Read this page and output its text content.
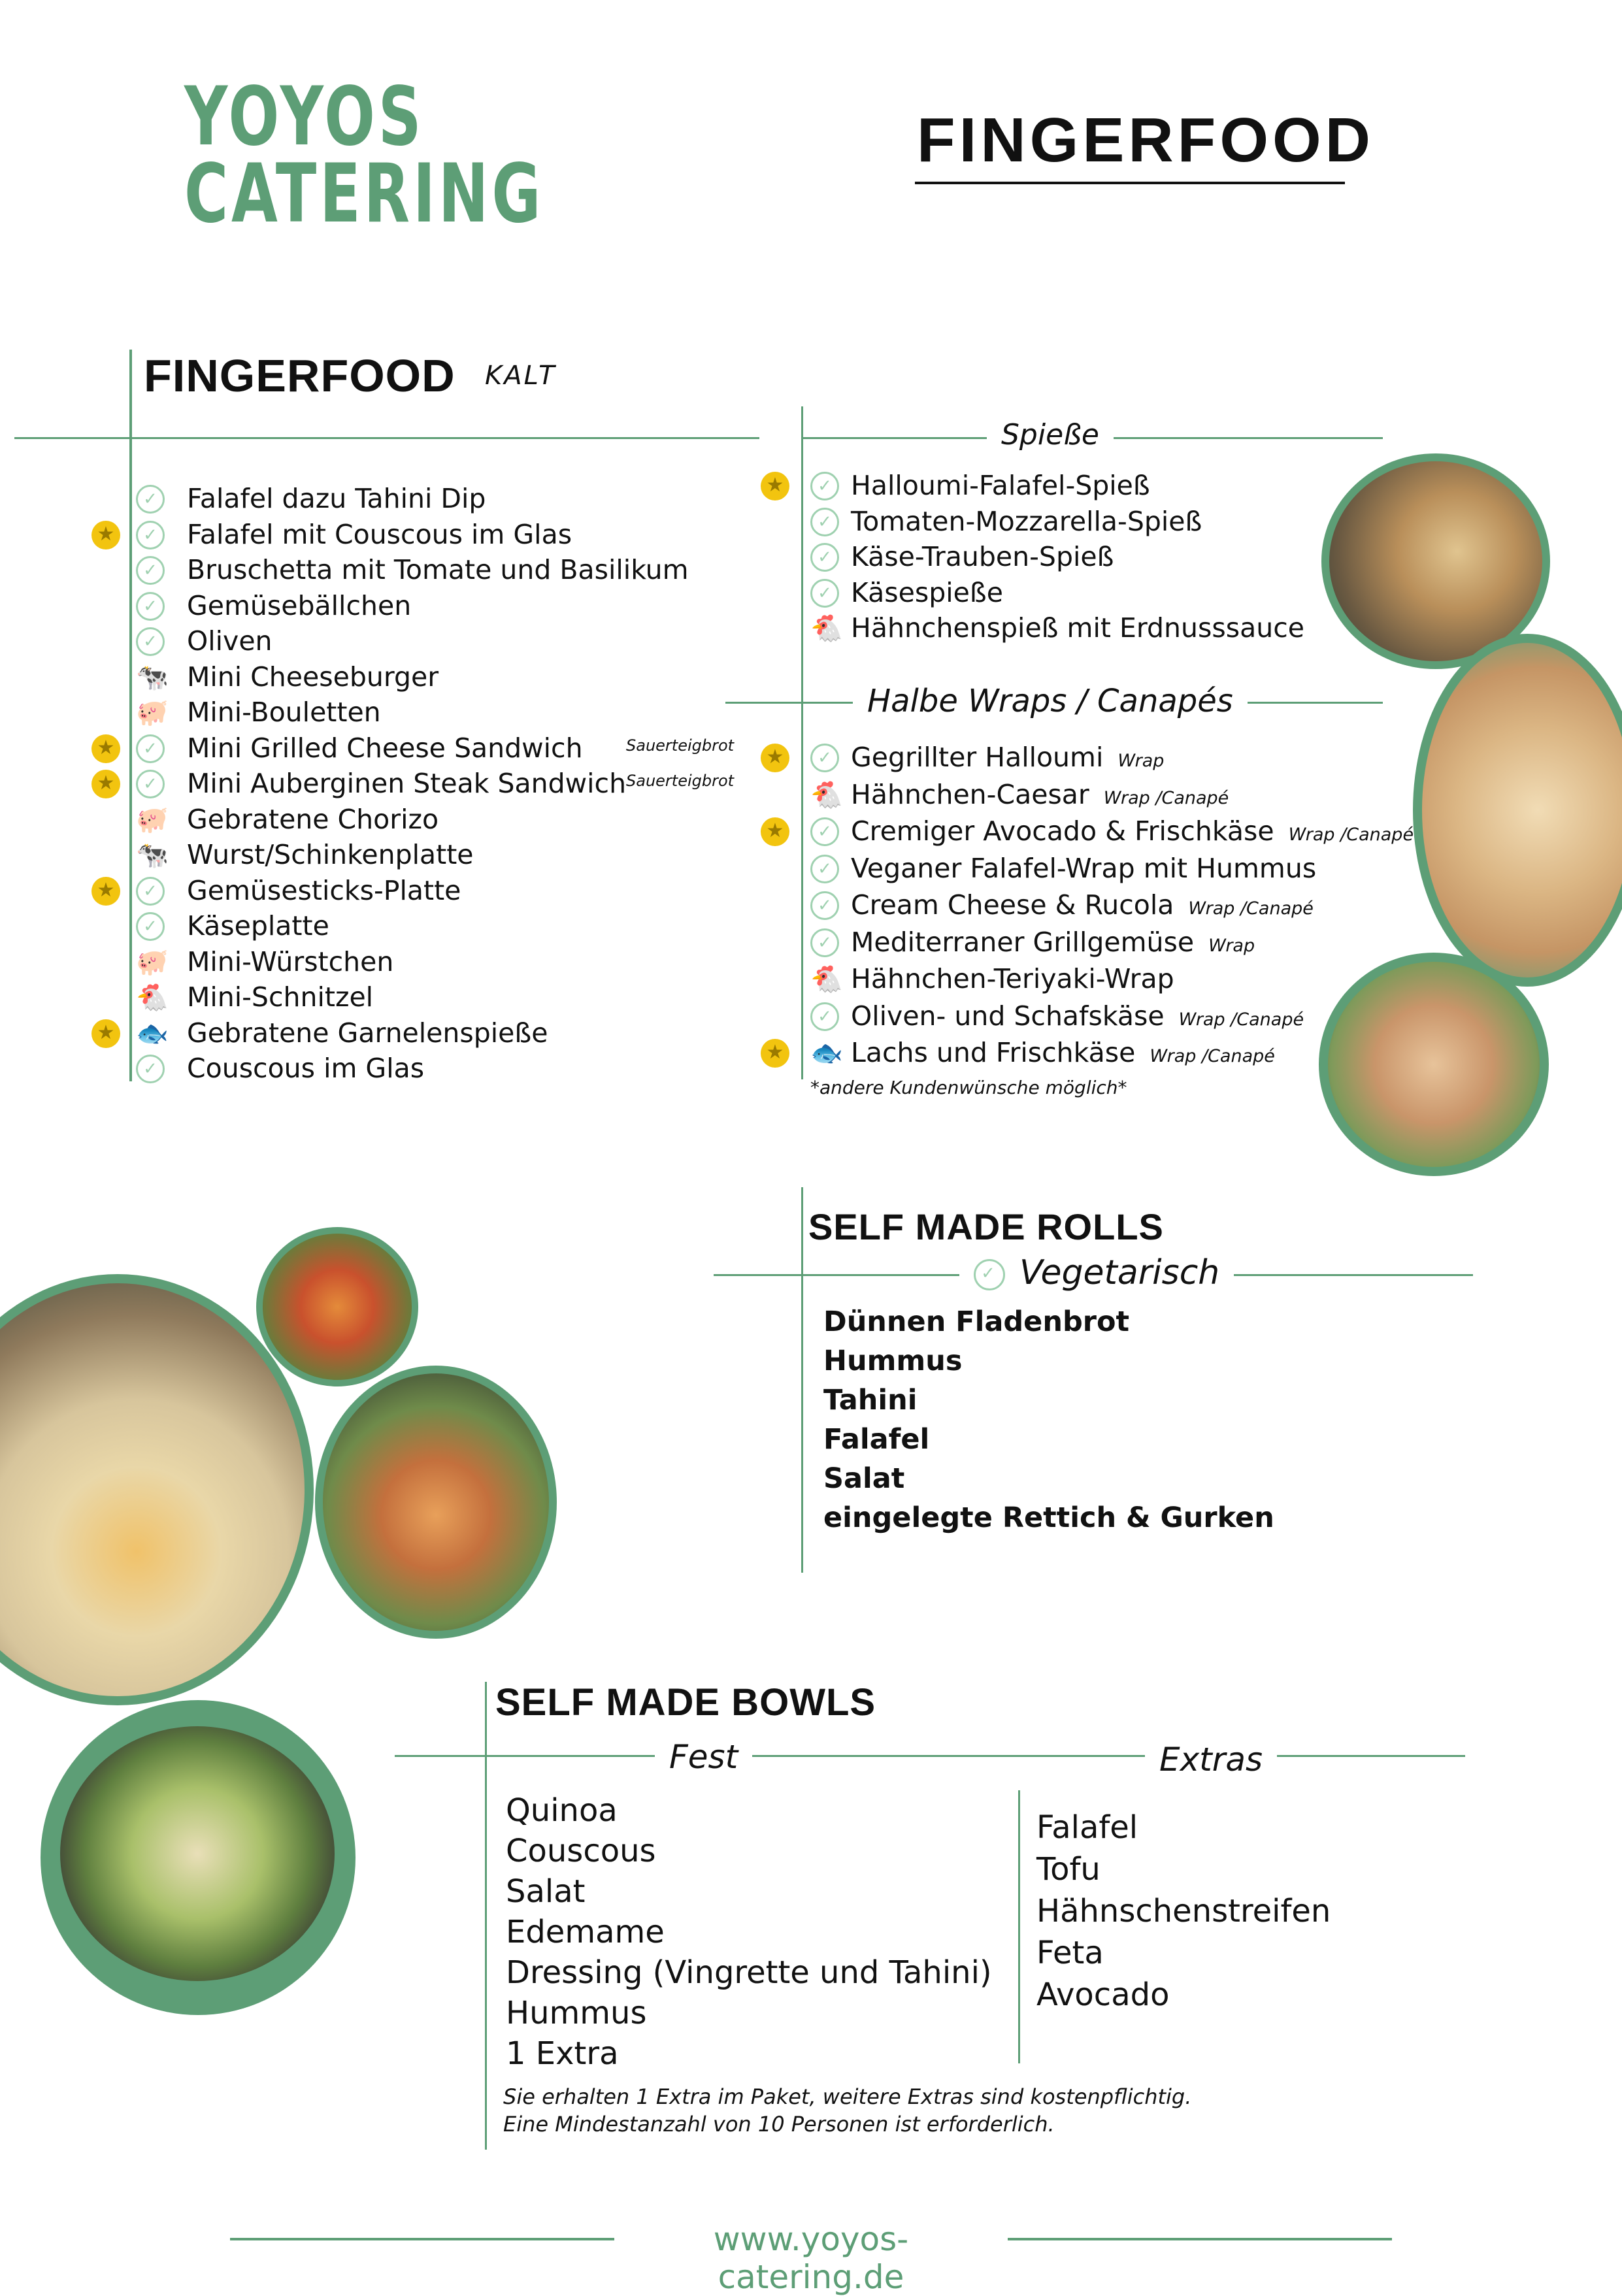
YOYOS
CATERING
FINGERFOOD
FINGERFOOD KALT
Spieße
Halbe Wraps / Canapés
*andere Kundenwünsche möglich*
SELF MADE ROLLS
✓Vegetarisch
Dünnen Fladenbrot
Hummus
Tahini
Falafel
Salat
eingelegte Rettich & Gurken
SELF MADE BOWLS
Fest	Extras
Quinoa
Couscous
Salat
Edemame
Dressing (Vingrette und Tahini)
Hummus
1 Extra
Falafel
Tofu
Hähnschenstreifen
Feta
Avocado
Sie erhalten 1 Extra im Paket, weitere Extras sind kostenpflichtig.
Eine Mindestanzahl von 10 Personen ist erforderlich.
www.yoyos-catering.de
✓
Falafel dazu Tahini Dip
★
✓
Falafel mit Couscous im Glas
✓
Bruschetta mit Tomate und Basilikum
✓
Gemüsebällchen
✓
Oliven
🐄 Mini Cheeseburger
🐖 Mini-Bouletten
★
✓
Mini Grilled Cheese Sandwich	Sauerteigbrot
★
✓
Mini Auberginen Steak Sandwich Sauerteigbrot
🐖 Gebratene Chorizo
🐄 Wurst/Schinkenplatte
★
✓
Gemüsesticks-Platte
✓
Käseplatte
🐖 Mini-Würstchen
🐔 Mini-Schnitzel
★
🐟 Gebratene Garnelenspieße
✓
Couscous im Glas
★
✓
Halloumi-Falafel-Spieß
✓
Tomaten-Mozzarella-Spieß
✓
Käse-Trauben-Spieß
✓
Käsespieße
🐔 Hähnchenspieß mit Erdnusssauce
★
✓
Gegrillter Halloumi Wrap
🐔 Hähnchen-Caesar Wrap /Canapé
★
✓
Cremiger Avocado & Frischkäse Wrap /Canapé
✓
Veganer Falafel-Wrap mit Hummus
✓
Cream Cheese & Rucola Wrap /Canapé
✓
Mediterraner Grillgemüse Wrap
🐔 Hähnchen-Teriyaki-Wrap
✓
Oliven- und Schafskäse Wrap /Canapé
★
🐟 Lachs und Frischkäse Wrap /Canapé
